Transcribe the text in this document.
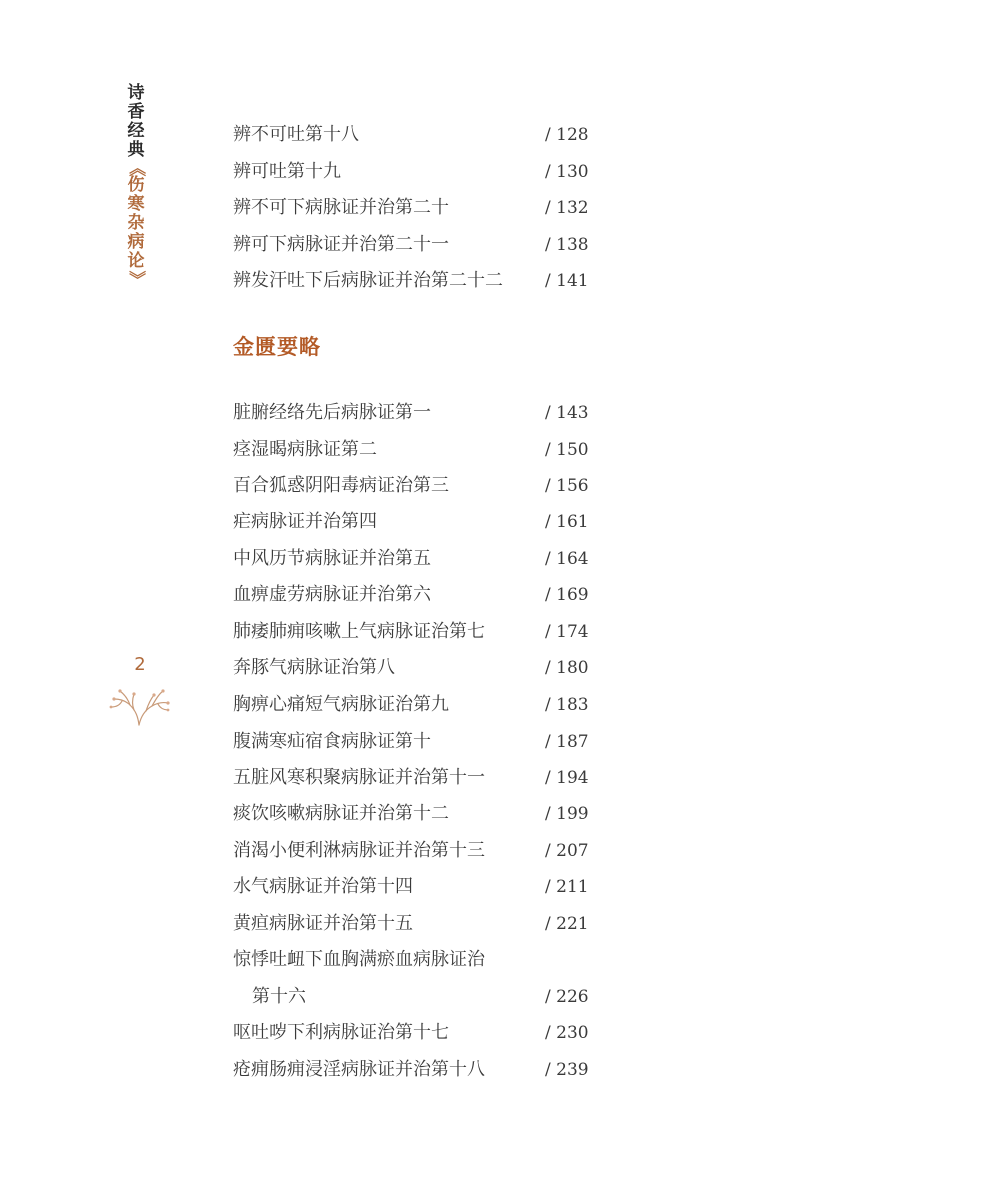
诗香经典
《
伤寒杂病论
》
2
辨不可吐第十八	/ 128
辨可吐第十九	/ 130
辨不可下病脉证并治第二十	/ 132
辨可下病脉证并治第二十一	/ 138
辨发汗吐下后病脉证并治第二十二 / 141
金匮要略
脏腑经络先后病脉证第一	/ 143
痉湿暍病脉证第二	/ 150
百合狐惑阴阳毒病证治第三	/ 156
疟病脉证并治第四	/ 161
中风历节病脉证并治第五	/ 164
血痹虚劳病脉证并治第六	/ 169
肺痿肺痈咳嗽上气病脉证治第七	/ 174
奔豚气病脉证治第八	/ 180
胸痹心痛短气病脉证治第九	/ 183
腹满寒疝宿食病脉证第十	/ 187
五脏风寒积聚病脉证并治第十一	/ 194
痰饮咳嗽病脉证并治第十二	/ 199
消渴小便利淋病脉证并治第十三	/ 207
水气病脉证并治第十四	/ 211
黄疸病脉证并治第十五	/ 221
惊悸吐衄下血胸满瘀血病脉证治
第十六	/ 226
呕吐哕下利病脉证治第十七	/ 230
疮痈肠痈浸淫病脉证并治第十八	/ 239
